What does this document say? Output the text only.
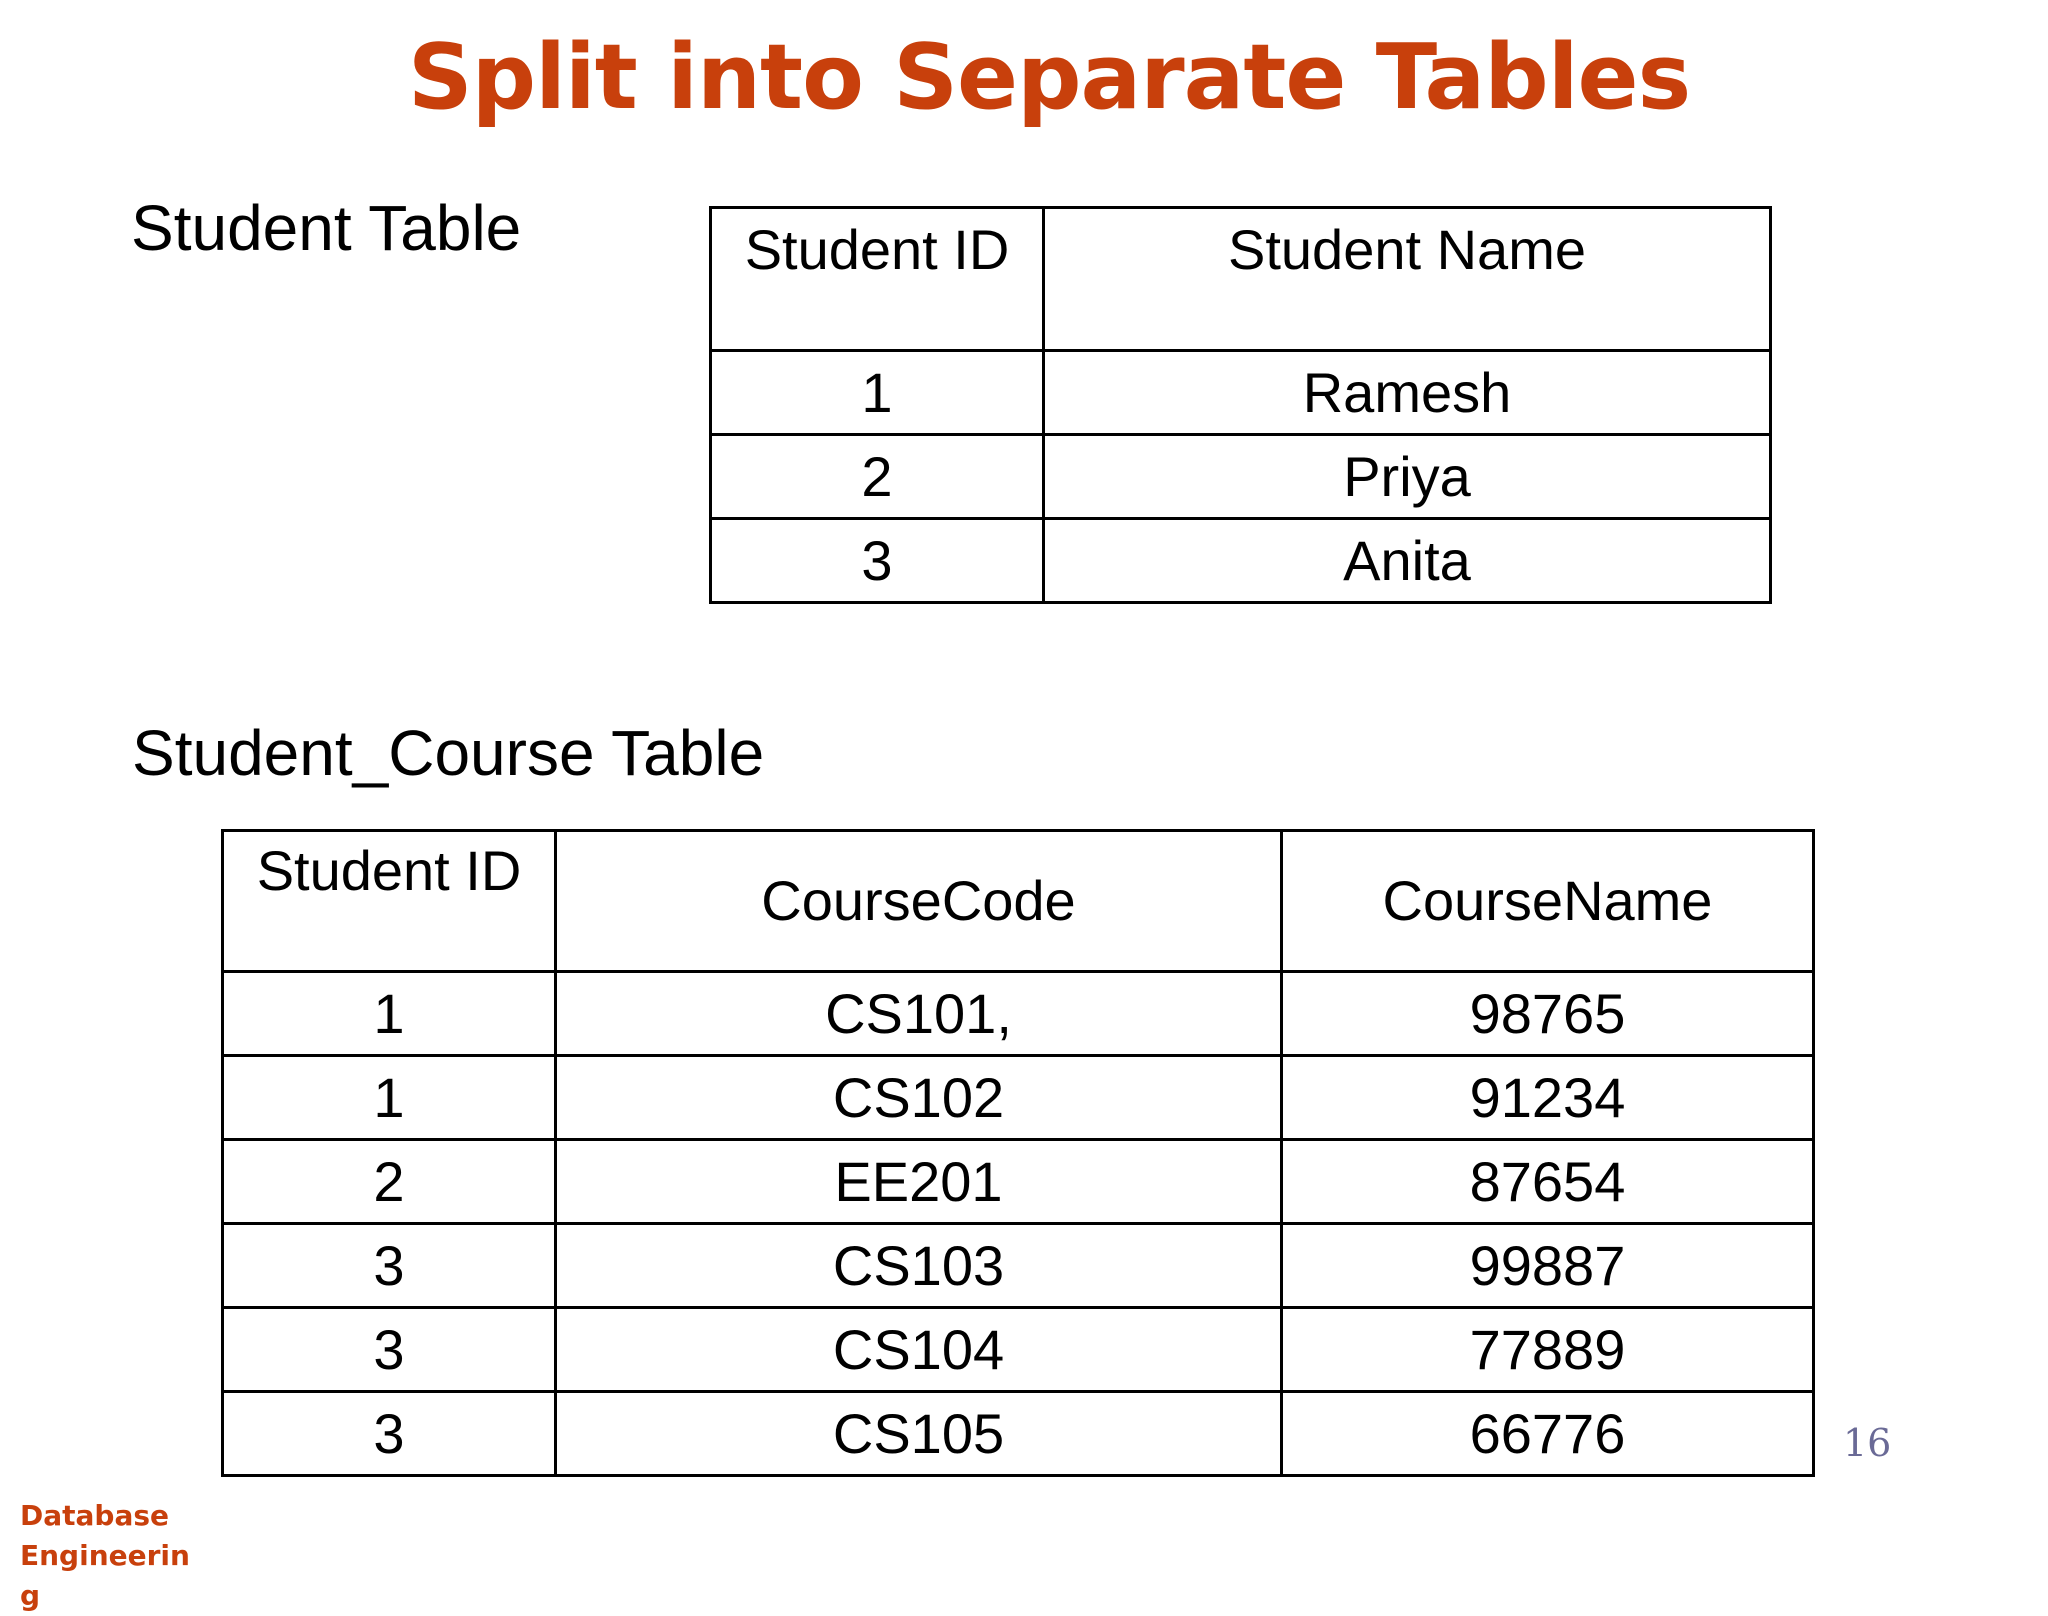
Split into Separate Tables
Student Table	Student ID	Student Name
1	Ramesh
2	Priya
3	Anita
Student_Course Table
Student ID	CourseCode	CourseName
1	CS101,	98765
1	CS102	91234
2	EE201	87654
3	CS103	99887
3	CS104	77889
3	CS105	66776	16
Database Engineering
